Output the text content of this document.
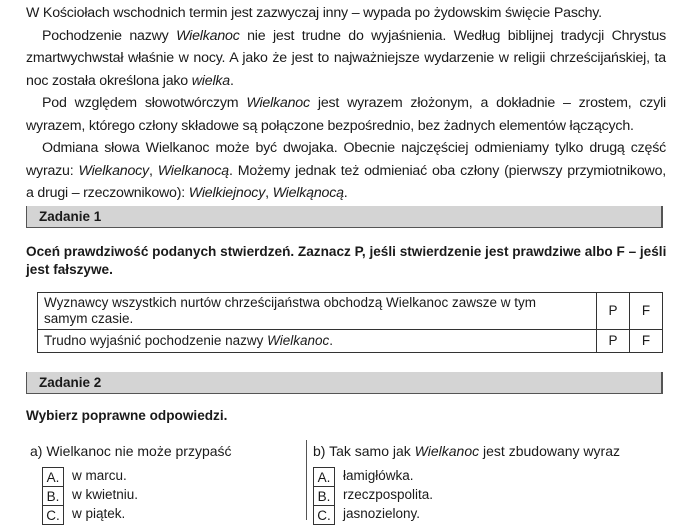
W Kościołach wschodnich termin jest zazwyczaj inny – wypada po żydowskim święcie Paschy.
Pochodzenie nazwy Wielkanoc nie jest trudne do wyjaśnienia. Według biblijnej tradycji Chrystus
zmartwychwstał właśnie w nocy. A jako że jest to najważniejsze wydarzenie w religii chrześcijańskiej, ta
noc została określona jako wielka.
Pod względem słowotwórczym Wielkanoc jest wyrazem złożonym, a dokładnie – zrostem, czyli
wyrazem, którego człony składowe są połączone bezpośrednio, bez żadnych elementów łączących.
Odmiana słowa Wielkanoc może być dwojaka. Obecnie najczęściej odmieniamy tylko drugą część
wyrazu: Wielkanocy, Wielkanocą. Możemy jednak też odmieniać oba człony (pierwszy przymiotnikowo,
a drugi – rzeczownikowo): Wielkiejnocy, Wielkąnocą.
Zadanie 1
Oceń prawdziwość podanych stwierdzeń. Zaznacz P, jeśli stwierdzenie jest prawdziwe albo F – jeśli
jest fałszywe.
Wyznawcy wszystkich nurtów chrześcijaństwa obchodzą Wielkanoc zawsze w tym
samym czasie.	P	F
Trudno wyjaśnić pochodzenie nazwy Wielkanoc.	P	F
Zadanie 2
Wybierz poprawne odpowiedzi.
a) Wielkanoc nie może przypaść	b) Tak samo jak Wielkanoc jest zbudowany wyraz
A. w marcu.
B. w kwietniu.
C. w piątek.
A. łamigłówka.
B. rzeczpospolita.
C. jasnozielony.
